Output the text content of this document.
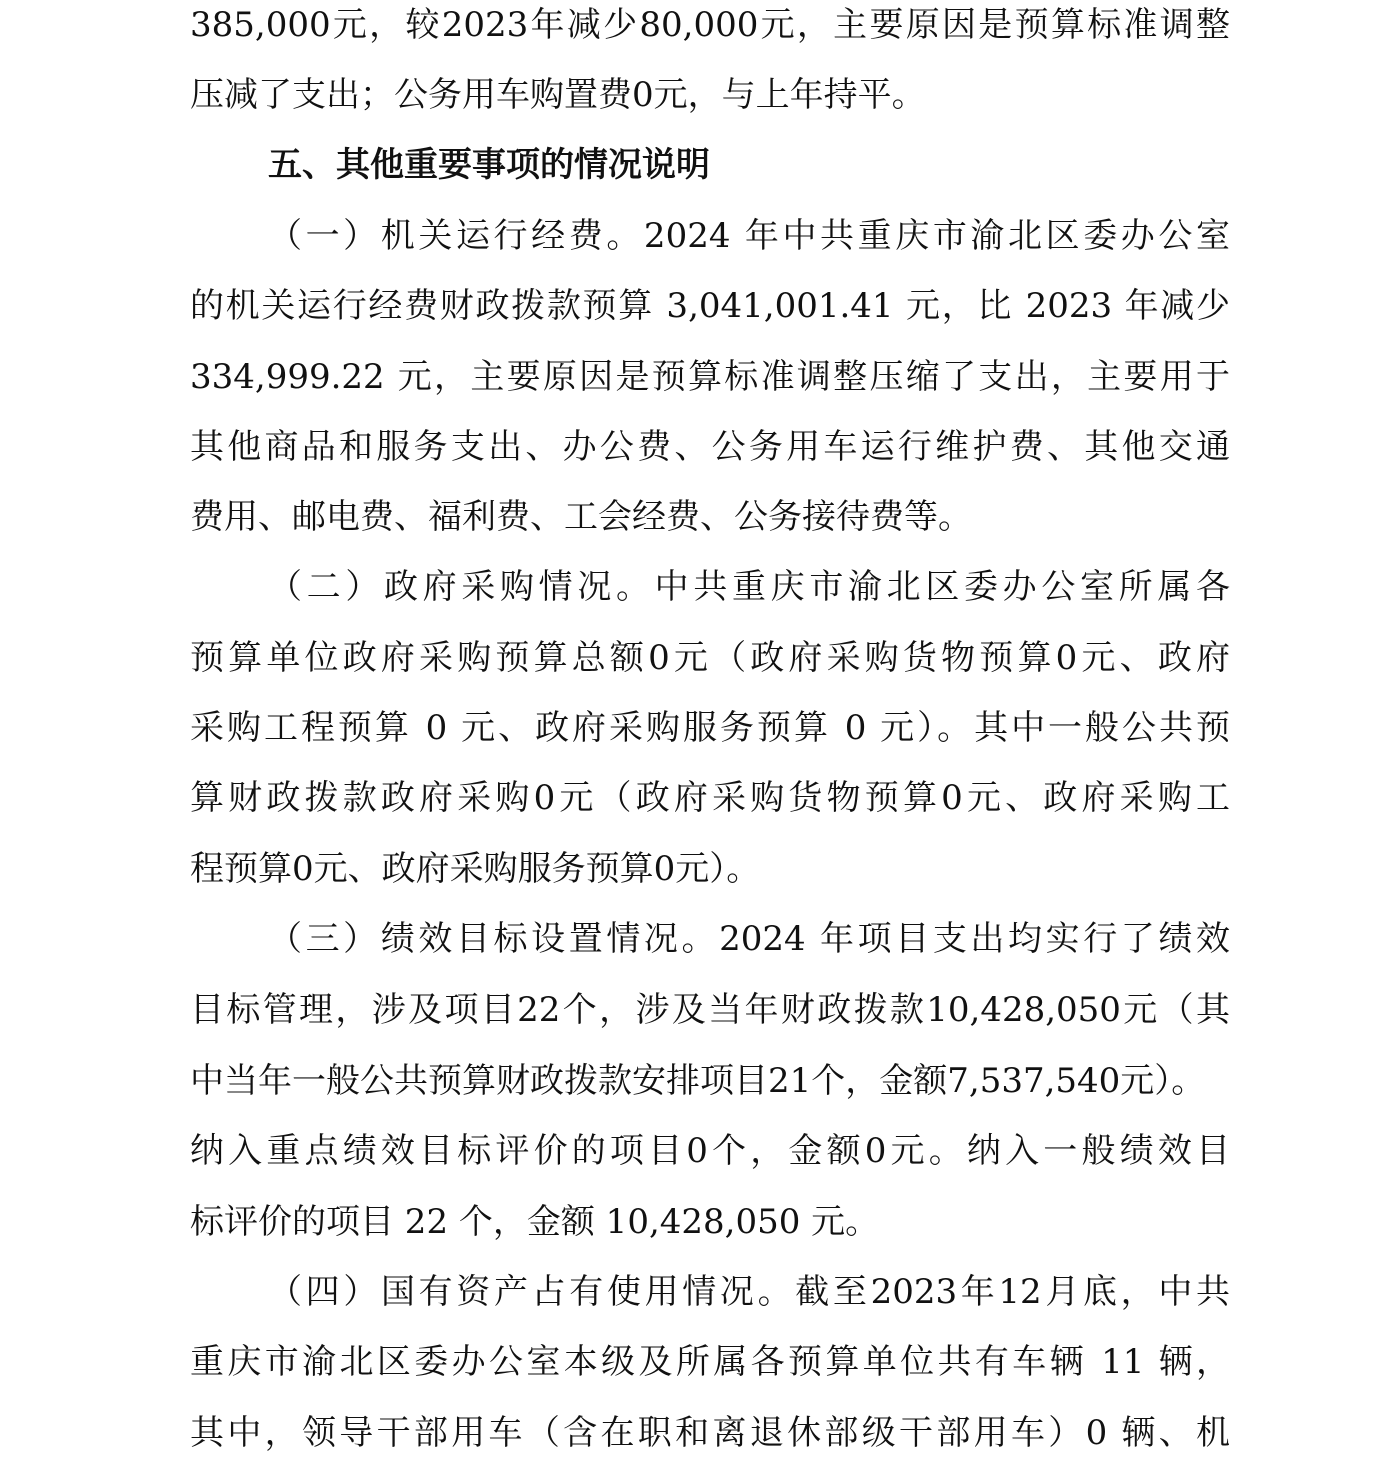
385,000元，较2023年减少80,000元，主要原因是预算标准调整
压减了支出；公务用车购置费0元，与上年持平。
五、其他重要事项的情况说明
（一）机关运行经费。2024 年中共重庆市渝北区委办公室
的机关运行经费财政拨款预算 3,041,001.41 元，比 2023 年减少
334,999.22 元，主要原因是预算标准调整压缩了支出，主要用于
其他商品和服务支出、办公费、公务用车运行维护费、其他交通
费用、邮电费、福利费、工会经费、公务接待费等。
（二）政府采购情况。中共重庆市渝北区委办公室所属各
预算单位政府采购预算总额0元（政府采购货物预算0元、政府
采购工程预算 0 元、政府采购服务预算 0 元）。其中一般公共预
算财政拨款政府采购0元（政府采购货物预算0元、政府采购工
程预算0元、政府采购服务预算0元）。
（三）绩效目标设置情况。2024 年项目支出均实行了绩效
目标管理，涉及项目22个，涉及当年财政拨款10,428,050元（其
中当年一般公共预算财政拨款安排项目21个，金额7,537,540元）。
纳入重点绩效目标评价的项目0个，金额0元。纳入一般绩效目
标评价的项目 22 个，金额 10,428,050 元。
（四）国有资产占有使用情况。截至2023年12月底，中共
重庆市渝北区委办公室本级及所属各预算单位共有车辆 11 辆，
其中，领导干部用车（含在职和离退休部级干部用车）0 辆、机
